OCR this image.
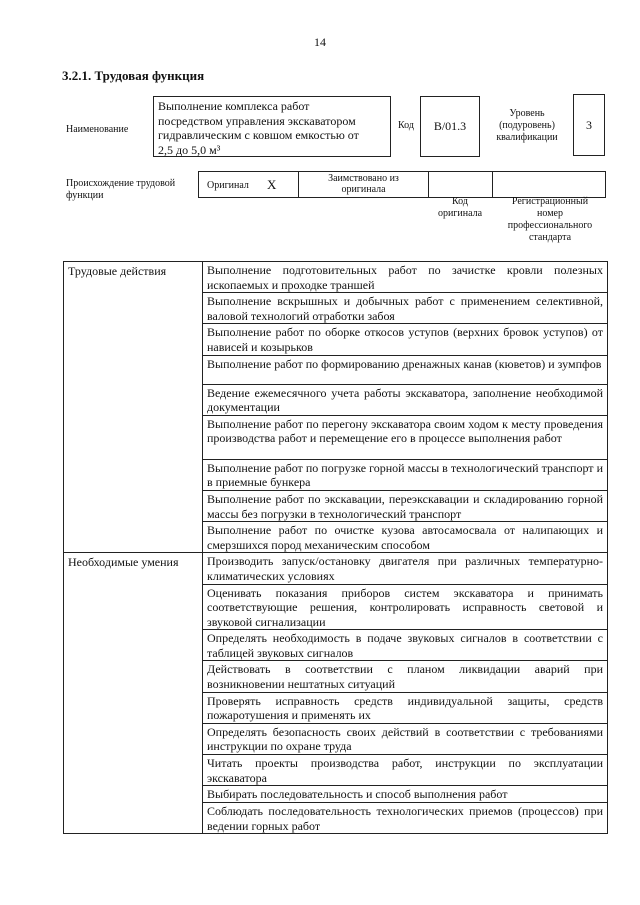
14
3.2.1. Трудовая функция
Наименование
Выполнение комплекса работ
посредством управления экскаватором
гидравлическим с ковшом емкостью от
2,5 до 5,0 м³
Код	B/01.3
Уровень
(подуровень)
квалификации
3
Происхождение трудовой
функции
Оригинал X	Заимствовано из
оригинала
Код
оригинала
Регистрационный
номер
профессионального
стандарта
Трудовые действия	Выполнение подготовительных работ по зачистке кровли полезных ископаемых и проходке траншей
	Выполнение вскрышных и добычных работ с применением селективной, валовой технологий отработки забоя
	Выполнение работ по оборке откосов уступов (верхних бровок уступов) от нависей и козырьков
	Выполнение работ по формированию дренажных канав (кюветов) и зумпфов
	Ведение ежемесячного учета работы экскаватора, заполнение необходимой документации
	Выполнение работ по перегону экскаватора своим ходом к месту проведения производства работ и перемещение его в процессе выполнения работ
	Выполнение работ по погрузке горной массы в технологический транспорт и в приемные бункера
	Выполнение работ по экскавации, переэкскавации и складированию горной массы без погрузки в технологический транспорт
	Выполнение работ по очистке кузова автосамосвала от налипающих и смерзшихся пород механическим способом
Необходимые умения	Производить запуск/остановку двигателя при различных температурно-климатических условиях
	Оценивать показания приборов систем экскаватора и принимать соответствующие решения, контролировать исправность световой и звуковой сигнализации
	Определять необходимость в подаче звуковых сигналов в соответствии с таблицей звуковых сигналов
	Действовать в соответствии с планом ликвидации аварий при возникновении нештатных ситуаций
	Проверять исправность средств индивидуальной защиты, средств пожаротушения и применять их
	Определять безопасность своих действий в соответствии с требованиями инструкции по охране труда
	Читать проекты производства работ, инструкции по эксплуатации экскаватора
	Выбирать последовательность и способ выполнения работ
	Соблюдать последовательность технологических приемов (процессов) при ведении горных работ
